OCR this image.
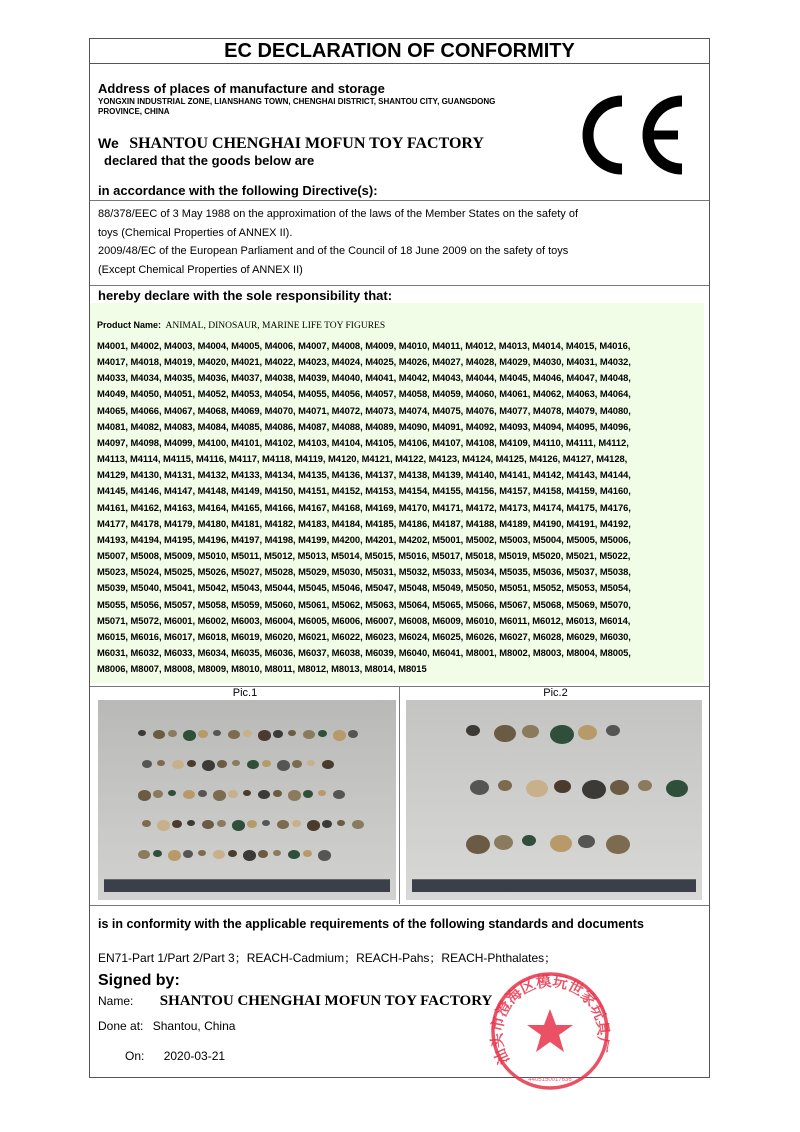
EC DECLARATION OF CONFORMITY
Address of places of manufacture and storage
YONGXIN INDUSTRIAL ZONE, LIANSHANG TOWN, CHENGHAI DISTRICT, SHANTOU CITY, GUANGDONG
PROVINCE, CHINA
We SHANTOU CHENGHAI MOFUN TOY FACTORY
declared that the goods below are
in accordance with the following Directive(s):
88/378/EEC of 3 May 1988 on the approximation of the laws of the Member States on the safety of
toys (Chemical Properties of ANNEX II).
2009/48/EC of the European Parliament and of the Council of 18 June 2009 on the safety of toys
(Except Chemical Properties of ANNEX II)
hereby declare with the sole responsibility that:
Product Name: ANIMAL, DINOSAUR, MARINE LIFE TOY FIGURES
M4001, M4002, M4003, M4004, M4005, M4006, M4007, M4008, M4009, M4010, M4011, M4012, M4013, M4014, M4015, M4016,
M4017, M4018, M4019, M4020, M4021, M4022, M4023, M4024, M4025, M4026, M4027, M4028, M4029, M4030, M4031, M4032,
M4033, M4034, M4035, M4036, M4037, M4038, M4039, M4040, M4041, M4042, M4043, M4044, M4045, M4046, M4047, M4048,
M4049, M4050, M4051, M4052, M4053, M4054, M4055, M4056, M4057, M4058, M4059, M4060, M4061, M4062, M4063, M4064,
M4065, M4066, M4067, M4068, M4069, M4070, M4071, M4072, M4073, M4074, M4075, M4076, M4077, M4078, M4079, M4080,
M4081, M4082, M4083, M4084, M4085, M4086, M4087, M4088, M4089, M4090, M4091, M4092, M4093, M4094, M4095, M4096,
M4097, M4098, M4099, M4100, M4101, M4102, M4103, M4104, M4105, M4106, M4107, M4108, M4109, M4110, M4111, M4112,
M4113, M4114, M4115, M4116, M4117, M4118, M4119, M4120, M4121, M4122, M4123, M4124, M4125, M4126, M4127, M4128,
M4129, M4130, M4131, M4132, M4133, M4134, M4135, M4136, M4137, M4138, M4139, M4140, M4141, M4142, M4143, M4144,
M4145, M4146, M4147, M4148, M4149, M4150, M4151, M4152, M4153, M4154, M4155, M4156, M4157, M4158, M4159, M4160,
M4161, M4162, M4163, M4164, M4165, M4166, M4167, M4168, M4169, M4170, M4171, M4172, M4173, M4174, M4175, M4176,
M4177, M4178, M4179, M4180, M4181, M4182, M4183, M4184, M4185, M4186, M4187, M4188, M4189, M4190, M4191, M4192,
M4193, M4194, M4195, M4196, M4197, M4198, M4199, M4200, M4201, M4202, M5001, M5002, M5003, M5004, M5005, M5006,
M5007, M5008, M5009, M5010, M5011, M5012, M5013, M5014, M5015, M5016, M5017, M5018, M5019, M5020, M5021, M5022,
M5023, M5024, M5025, M5026, M5027, M5028, M5029, M5030, M5031, M5032, M5033, M5034, M5035, M5036, M5037, M5038,
M5039, M5040, M5041, M5042, M5043, M5044, M5045, M5046, M5047, M5048, M5049, M5050, M5051, M5052, M5053, M5054,
M5055, M5056, M5057, M5058, M5059, M5060, M5061, M5062, M5063, M5064, M5065, M5066, M5067, M5068, M5069, M5070,
M5071, M5072, M6001, M6002, M6003, M6004, M6005, M6006, M6007, M6008, M6009, M6010, M6011, M6012, M6013, M6014,
M6015, M6016, M6017, M6018, M6019, M6020, M6021, M6022, M6023, M6024, M6025, M6026, M6027, M6028, M6029, M6030,
M6031, M6032, M6033, M6034, M6035, M6036, M6037, M6038, M6039, M6040, M6041, M8001, M8002, M8003, M8004, M8005,
M8006, M8007, M8008, M8009, M8010, M8011, M8012, M8013, M8014, M8015
Pic.1	Pic.2
is in conformity with the applicable requirements of the following standards and documents
EN71-Part 1/Part 2/Part 3；REACH-Cadmium；REACH-Pahs；REACH-Phthalates；
Signed by:
Name: SHANTOU CHENGHAI MOFUN TOY FACTORY
Done at: Shantou, China
On: 2020-03-21	汕头市澄海区模玩世家玩具厂
4405150017636
